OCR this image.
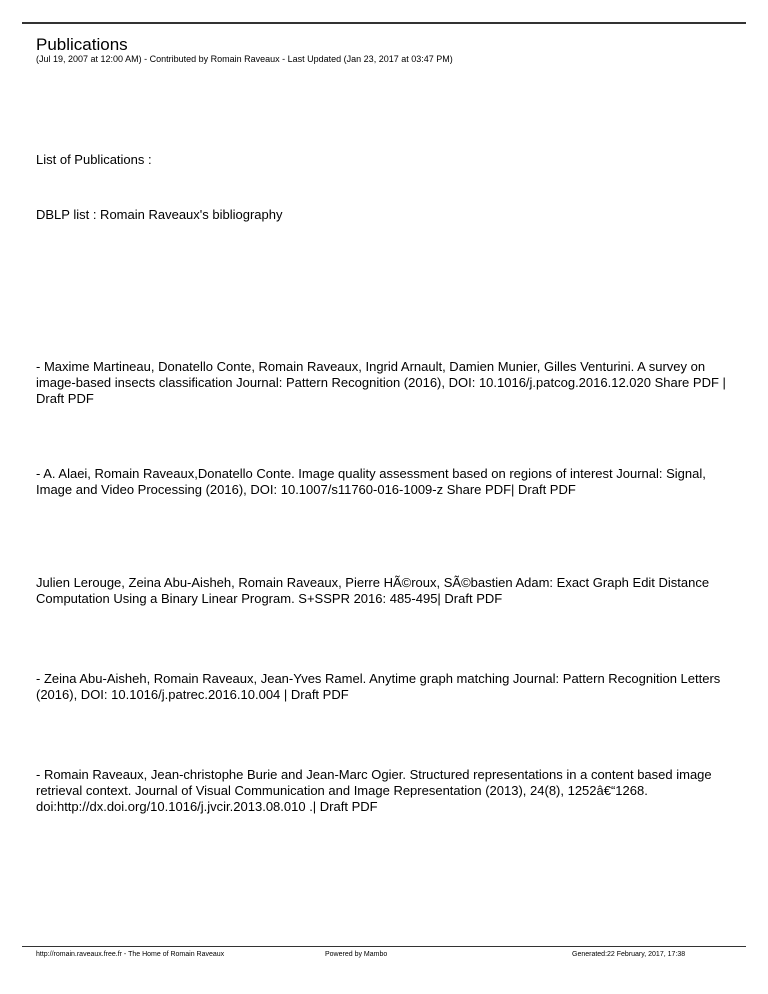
Publications
(Jul 19, 2007 at 12:00 AM) - Contributed by Romain Raveaux - Last Updated (Jan 23, 2017 at 03:47 PM)
List of Publications :
DBLP list : Romain Raveaux's bibliography
- Maxime Martineau, Donatello Conte, Romain Raveaux, Ingrid Arnault, Damien Munier, Gilles Venturini. A survey on image-based insects classification Journal: Pattern Recognition (2016), DOI: 10.1016/j.patcog.2016.12.020 Share PDF | Draft PDF
- A. Alaei, Romain Raveaux,Donatello Conte. Image quality assessment based on regions of interest Journal: Signal, Image and Video Processing (2016), DOI: 10.1007/s11760-016-1009-z Share PDF| Draft PDF
Julien Lerouge, Zeina Abu-Aisheh, Romain Raveaux, Pierre HÃ©roux, SÃ©bastien Adam: Exact Graph Edit Distance Computation Using a Binary Linear Program. S+SSPR 2016: 485-495| Draft PDF
- Zeina Abu-Aisheh, Romain Raveaux, Jean-Yves Ramel. Anytime graph matching Journal: Pattern Recognition Letters (2016), DOI: 10.1016/j.patrec.2016.10.004 | Draft PDF
- Romain Raveaux, Jean-christophe Burie and Jean-Marc Ogier. Structured representations in a content based image retrieval context. Journal of Visual Communication and Image Representation (2013), 24(8), 1252â€“1268. doi:http://dx.doi.org/10.1016/j.jvcir.2013.08.010 .| Draft PDF
http://romain.raveaux.free.fr - The Home of Romain Raveaux	Powered by Mambo	Generated:22 February, 2017, 17:38
